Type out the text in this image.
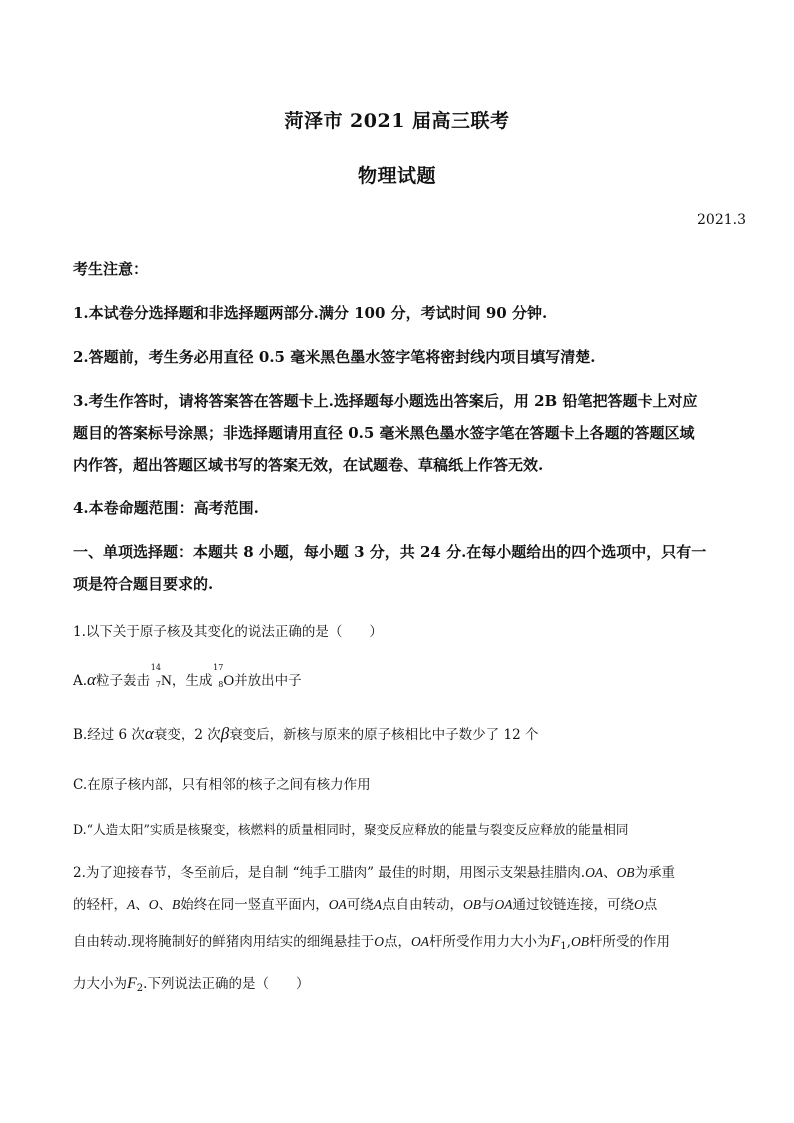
菏泽市 2021 届高三联考
物理试题
2021.3
考生注意：
1.本试卷分选择题和非选择题两部分.满分 100 分，考试时间 90 分钟.
2.答题前，考生务必用直径 0.5 毫米黑色墨水签字笔将密封线内项目填写清楚.
3.考生作答时，请将答案答在答题卡上.选择题每小题选出答案后，用 2B 铅笔把答题卡上对应
题目的答案标号涂黑；非选择题请用直径 0.5 毫米黑色墨水签字笔在答题卡上各题的答题区域
内作答，超出答题区域书写的答案无效，在试题卷、草稿纸上作答无效.
4.本卷命题范围：高考范围.
一、单项选择题：本题共 8 小题，每小题 3 分，共 24 分.在每小题给出的四个选项中，只有一
项是符合题目要求的.
1.以下关于原子核及其变化的说法正确的是（　　）
A.α粒子轰击
14
7 N，生成
17
8 O并放出中子
B.经过 6 次α衰变，2 次β衰变后，新核与原来的原子核相比中子数少了 12 个
C.在原子核内部，只有相邻的核子之间有核力作用
D.“人造太阳”实质是核聚变，核燃料的质量相同时，聚变反应释放的能量与裂变反应释放的能量相同
2.为了迎接春节，冬至前后，是自制 “纯手工腊肉” 最佳的时期，用图示支架悬挂腊肉.OA、OB为承重
的轻杆，A、O、B始终在同一竖直平面内，OA可绕A点自由转动，OB与OA通过铰链连接，可绕O点
自由转动.现将腌制好的鲜猪肉用结实的细绳悬挂于O点，OA杆所受作用力大小为$F_1,OB$杆所受的作用
力大小为$F_2$.下列说法正确的是（　　）
